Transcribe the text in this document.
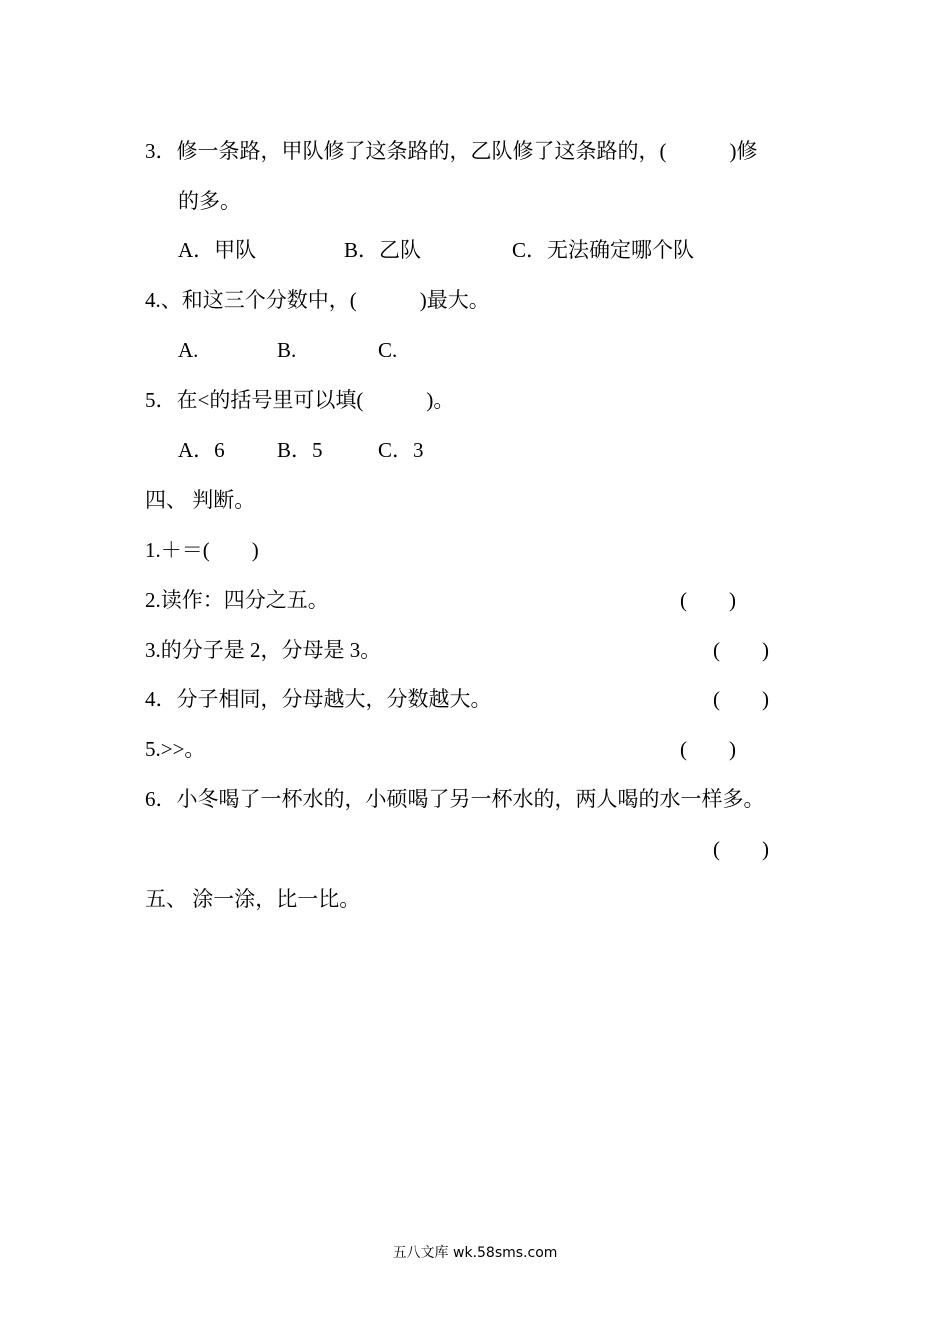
3．修一条路，甲队修了这条路的，乙队修了这条路的，(　　　)修
的多。
A．甲队	B．乙队	C．无法确定哪个队
4.、和这三个分数中，(　　　)最大。
A.	B.	C.
5．在<的括号里可以填(　　　)。
A．6 B．5	C．3
四、 判断。
1.＋＝(　　)
2.读作：四分之五。	(　　)
3.的分子是 2，分母是 3。	(　　)
4．分子相同，分母越大，分数越大。	(　　)
5.>>。	(　　)
6．小冬喝了一杯水的，小硕喝了另一杯水的，两人喝的水一样多。
(　　)
五、 涂一涂，比一比。
五八文库 wk.58sms.com
